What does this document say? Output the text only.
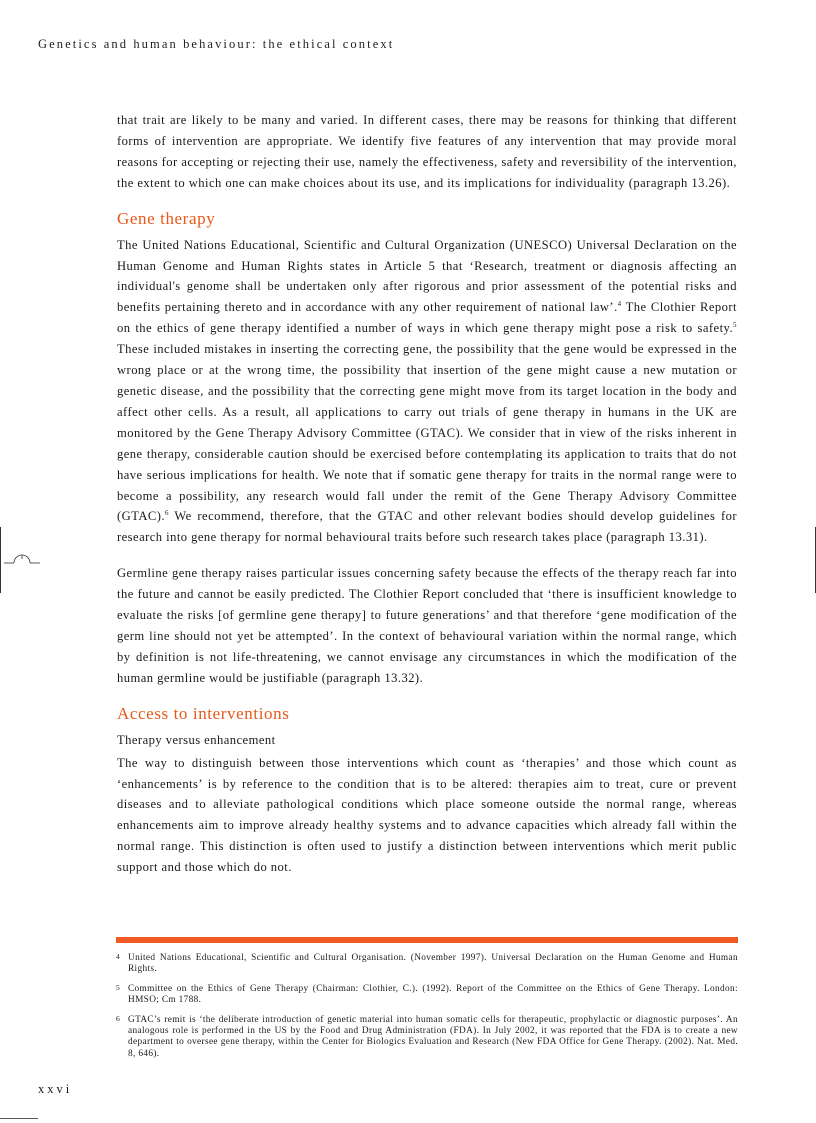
Genetics and human behaviour: the ethical context

that trait are likely to be many and varied. In different cases, there may be reasons for thinking that different forms of intervention are appropriate. We identify five features of any intervention that may provide moral reasons for accepting or rejecting their use, namely the effectiveness, safety and reversibility of the intervention, the extent to which one can make choices about its use, and its implications for individuality (paragraph 13.26).

Gene therapy

The United Nations Educational, Scientific and Cultural Organization (UNESCO) Universal Declaration on the Human Genome and Human Rights states in Article 5 that ‘Research, treatment or diagnosis affecting an individual's genome shall be undertaken only after rigorous and prior assessment of the potential risks and benefits pertaining thereto and in accordance with any other requirement of national law’.$^4$ The Clothier Report on the ethics of gene therapy identified a number of ways in which gene therapy might pose a risk to safety.$^5$ These included mistakes in inserting the correcting gene, the possibility that the gene would be expressed in the wrong place or at the wrong time, the possibility that insertion of the gene might cause a new mutation or genetic disease, and the possibility that the correcting gene might move from its target location in the body and affect other cells. As a result, all applications to carry out trials of gene therapy in humans in the UK are monitored by the Gene Therapy Advisory Committee (GTAC). We consider that in view of the risks inherent in gene therapy, considerable caution should be exercised before contemplating its application to traits that do not have serious implications for health. We note that if somatic gene therapy for traits in the normal range were to become a possibility, any research would fall under the remit of the Gene Therapy Advisory Committee (GTAC).$^6$ We recommend, therefore, that the GTAC and other relevant bodies should develop guidelines for research into gene therapy for normal behavioural traits before such research takes place (paragraph 13.31).

Germline gene therapy raises particular issues concerning safety because the effects of the therapy reach far into the future and cannot be easily predicted. The Clothier Report concluded that ‘there is insufficient knowledge to evaluate the risks [of germline gene therapy] to future generations’ and that therefore ‘gene modification of the germ line should not yet be attempted’. In the context of behavioural variation within the normal range, which by definition is not life-threatening, we cannot envisage any circumstances in which the modification of the human germline would be justifiable (paragraph 13.32).

Access to interventions
Therapy versus enhancement

The way to distinguish between those interventions which count as ‘therapies’ and those which count as ‘enhancements’ is by reference to the condition that is to be altered: therapies aim to treat, cure or prevent diseases and to alleviate pathological conditions which place someone outside the normal range, whereas enhancements aim to improve already healthy systems and to advance capacities which already fall within the normal range. This distinction is often used to justify a distinction between interventions which merit public support and those which do not.

4 United Nations Educational, Scientific and Cultural Organisation. (November 1997). Universal Declaration on the Human Genome and Human Rights.
5 Committee on the Ethics of Gene Therapy (Chairman: Clothier, C.). (1992). Report of the Committee on the Ethics of Gene Therapy. London: HMSO; Cm 1788.
6 GTAC’s remit is ‘the deliberate introduction of genetic material into human somatic cells for therapeutic, prophylactic or diagnostic purposes’. An analogous role is performed in the US by the Food and Drug Administration (FDA). In July 2002, it was reported that the FDA is to create a new department to oversee gene therapy, within the Center for Biologics Evaluation and Research (New FDA Office for Gene Therapy. (2002). Nat. Med. 8, 646).
xxvi
